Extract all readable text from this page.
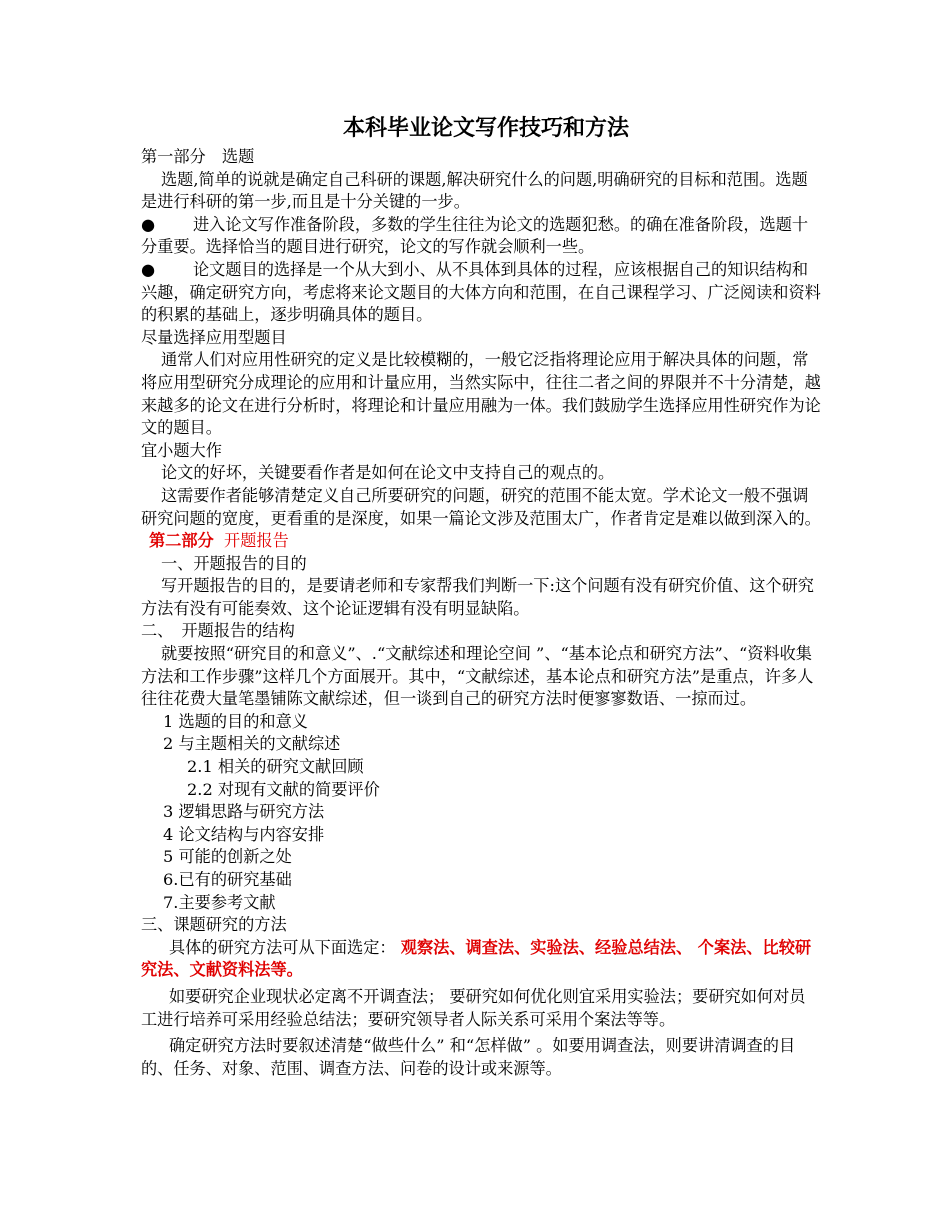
本科毕业论文写作技巧和方法

第一部分　选题

选题,简单的说就是确定自己科研的课题,解决研究什么的问题,明确研究的目标和范围。选题是进行科研的第一步,而且是十分关键的一步。

● 进入论文写作准备阶段，多数的学生往往为论文的选题犯愁。的确在准备阶段，选题十分重要。选择恰当的题目进行研究，论文的写作就会顺利一些。

● 论文题目的选择是一个从大到小、从不具体到具体的过程，应该根据自己的知识结构和兴趣，确定研究方向，考虑将来论文题目的大体方向和范围，在自己课程学习、广泛阅读和资料的积累的基础上，逐步明确具体的题目。

尽量选择应用型题目

通常人们对应用性研究的定义是比较模糊的，一般它泛指将理论应用于解决具体的问题，常将应用型研究分成理论的应用和计量应用，当然实际中，往往二者之间的界限并不十分清楚，越来越多的论文在进行分析时，将理论和计量应用融为一体。我们鼓励学生选择应用性研究作为论文的题目。

宜小题大作

论文的好坏，关键要看作者是如何在论文中支持自己的观点的。

这需要作者能够清楚定义自己所要研究的问题，研究的范围不能太宽。学术论文一般不强调研究问题的宽度，更看重的是深度，如果一篇论文涉及范围太广，作者肯定是难以做到深入的。

第二部分 开题报告

一、开题报告的目的

写开题报告的目的，是要请老师和专家帮我们判断一下:这个问题有没有研究价值、这个研究方法有没有可能奏效、这个论证逻辑有没有明显缺陷。

二、　开题报告的结构

就要按照“研究目的和意义”、.“文献综述和理论空间 ”、“基本论点和研究方法”、“资料收集方法和工作步骤”这样几个方面展开。其中，“文献综述，基本论点和研究方法”是重点，许多人往往花费大量笔墨铺陈文献综述，但一谈到自己的研究方法时便寥寥数语、一掠而过。

1 选题的目的和意义

2 与主题相关的文献综述

2.1 相关的研究文献回顾

2.2 对现有文献的简要评价

3 逻辑思路与研究方法

4 论文结构与内容安排

5 可能的创新之处

6.已有的研究基础

7.主要参考文献

三、课题研究的方法

具体的研究方法可从下面选定： 观察法、调查法、实验法、经验总结法、 个案法、比较研究法、文献资料法等。

如要研究企业现状必定离不开调查法； 要研究如何优化则宜采用实验法；要研究如何对员工进行培养可采用经验总结法；要研究领导者人际关系可采用个案法等等。

确定研究方法时要叙述清楚“做些什么” 和“怎样做” 。如要用调查法，则要讲清调查的目的、任务、对象、范围、调查方法、问卷的设计或来源等。
